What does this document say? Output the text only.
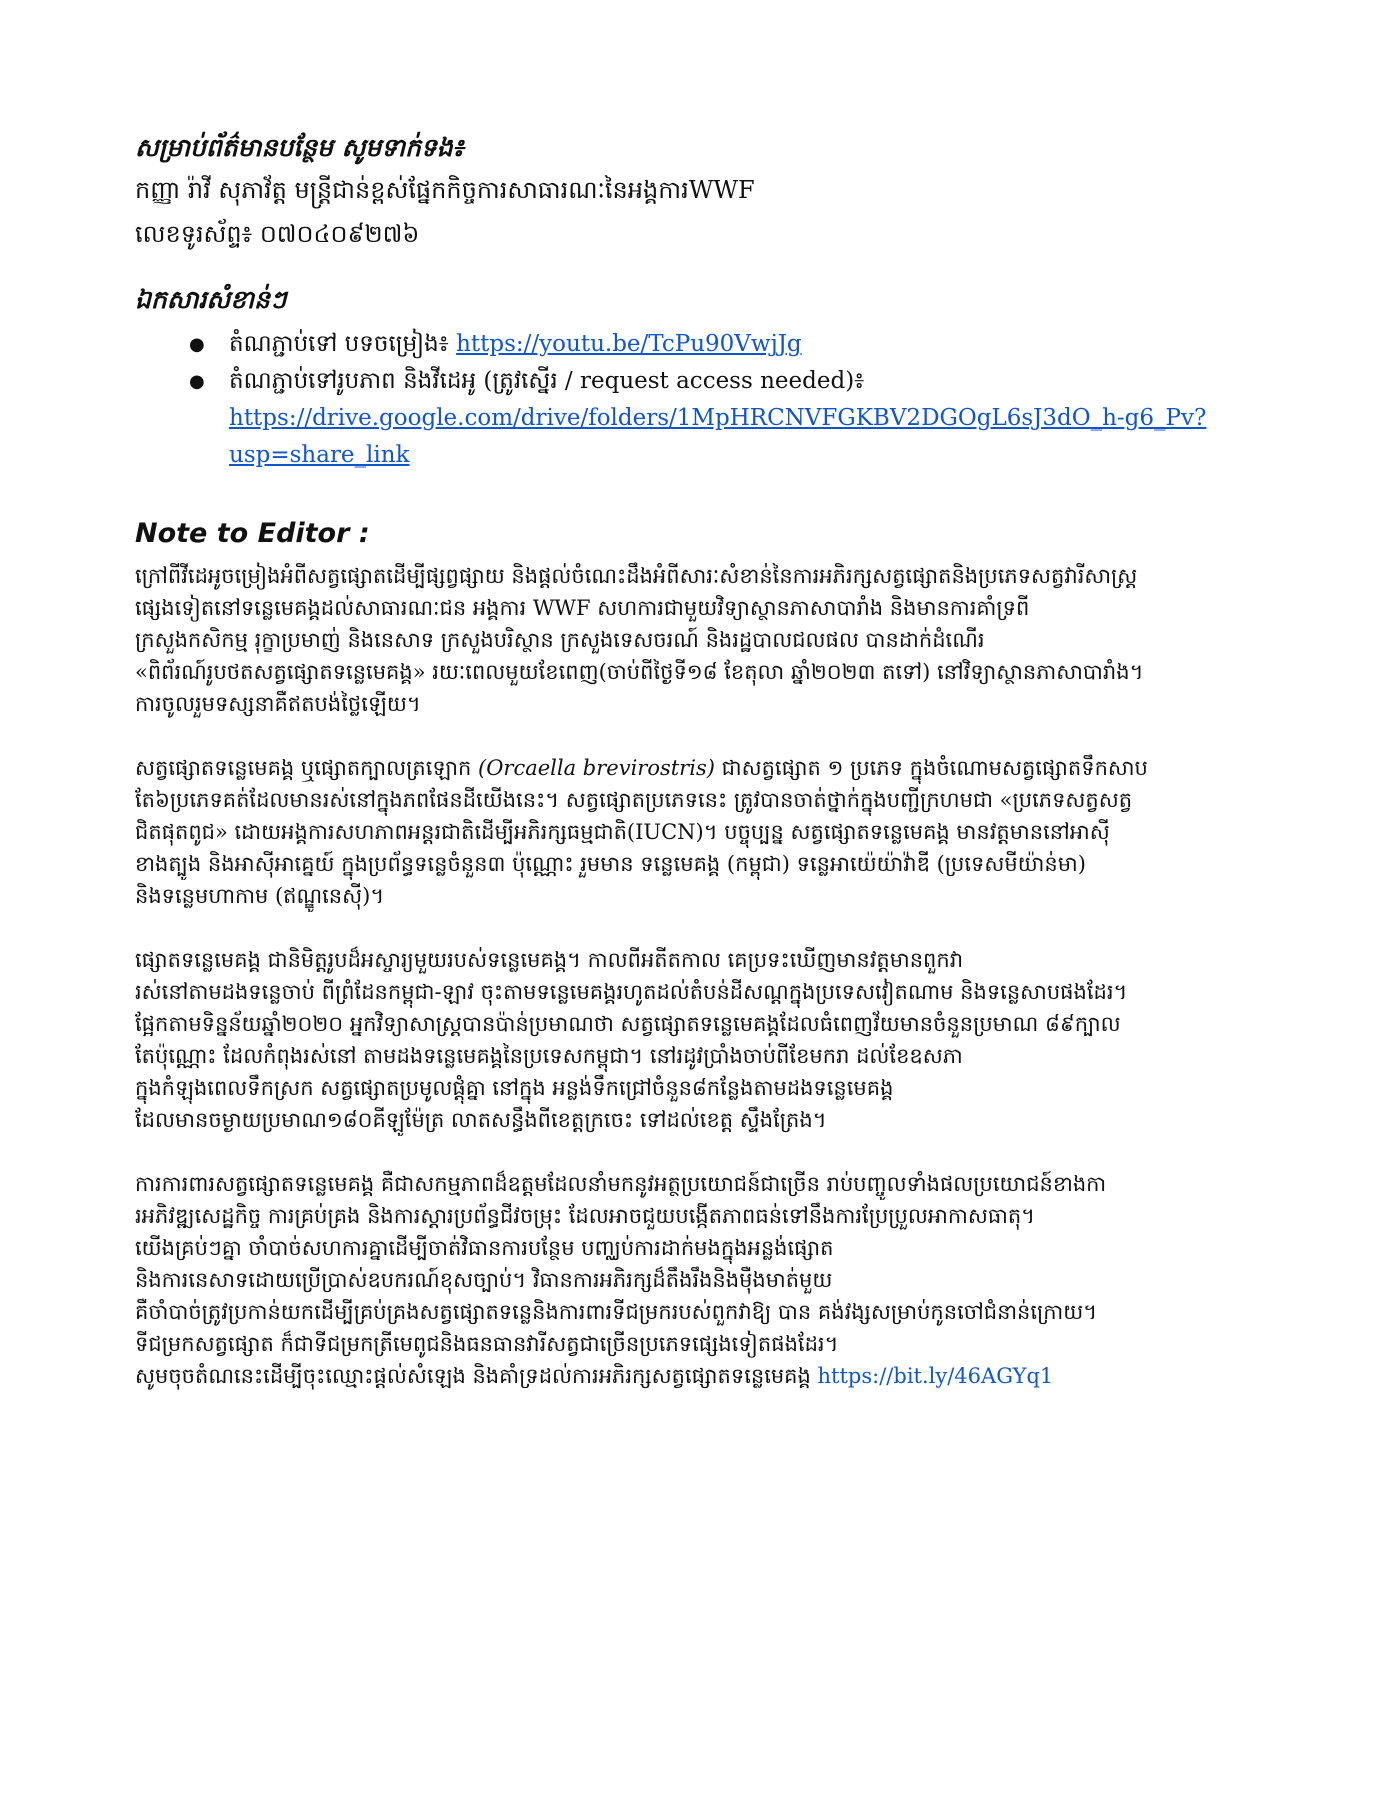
សម្រាប់ព័ត៌មានបន្ថែម សូមទាក់ទង៖

កញ្ញា រ៉ាវី សុភាវ័ត្ត មន្ត្រីជាន់ខ្ពស់ផ្នែកកិច្ចការសាធារណៈនៃអង្គការWWF

លេខទូរស័ព្ទ៖ ០៧០៤០៩២៧៦

ឯកសារសំខាន់ៗ

● តំណភ្ជាប់ទៅ បទចម្រៀង៖ https://youtu.be/TcPu90VwjJg
● តំណភ្ជាប់ទៅរូបភាព និងវីដេអូ (ត្រូវស្នើរ / request access needed)៖
https://drive.google.com/drive/folders/1MpHRCNVFGKBV2DGOgL6sJ3dO_h-g6_Pv?
usp=share_link

Note to Editor :

ក្រៅពីវីដេអូចម្រៀងអំពីសត្វផ្សោតដើម្បីផ្សព្វផ្សាយ និងផ្តល់ចំណេះដឹងអំពីសារៈសំខាន់នៃការអភិរក្សសត្វផ្សោតនិងប្រភេទសត្វវារីសាស្រ្ត
ផ្សេងទៀតនៅទន្លេមេគង្គដល់សាធារណៈជន អង្គការ WWF សហការជាមួយវិទ្យាស្ថានភាសាបារាំង និងមានការគាំទ្រពី
ក្រសួងកសិកម្ម រុក្ខាប្រមាញ់ និងនេសាទ ក្រសួងបរិស្ថាន ក្រសួងទេសចរណ៍ និងរដ្ឋបាលជលផល បានដាក់ដំណើរ
«ពិព័រណ៍រូបថតសត្វផ្សោតទន្លេមេគង្គ» រយៈពេលមួយខែពេញ(ចាប់ពីថ្ងៃទី១៨ ខែតុលា ឆ្នាំ២០២៣ តទៅ) នៅវិទ្យាស្ថានភាសាបារាំង។
ការចូលរួមទស្សនាគឺឥតបង់ថ្លៃឡើយ។
សត្វផ្សោតទន្លេមេគង្គ ឬផ្សោតក្បាលត្រឡោក (Orcaella brevirostris) ជាសត្វផ្សោត ១ ប្រភេទ ក្នុងចំណោមសត្វផ្សោតទឹកសាប
តែ៦ប្រភេទគត់ដែលមានរស់នៅក្នុងភពផែនដីយើងនេះ។ សត្វផ្សោតប្រភេទនេះ ត្រូវបានចាត់ថ្នាក់ក្នុងបញ្ជីក្រហមជា «ប្រភេទសត្វសត្វ
ជិតផុតពូជ» ដោយអង្គការសហភាពអន្តរជាតិដើម្បីអភិរក្សធម្មជាតិ(IUCN)។ បច្ចុប្បន្ន សត្វផ្សោតទន្លេមេគង្គ មានវត្តមាននៅអាស៊ី
ខាងត្បូង និងអាស៊ីអាគ្នេយ៍ ក្នុងប្រព័ន្ធទន្លេចំនួន៣ ប៉ុណ្ណោះ រួមមាន ទន្លេមេគង្គ (កម្ពុជា) ទន្លេអាយ៉េយ៉ាវ៉ាឌី (ប្រទេសមីយ៉ាន់មា)
និងទន្លេមហាកាម (ឥណ្ឌូនេស៊ី)។
ផ្សោតទន្លេមេគង្គ ជានិមិត្តរូបដ៏អស្ចារ្យមួយរបស់ទន្លេមេគង្គ។ កាលពីអតីតកាល គេប្រទះឃើញមានវត្តមានពួកវា
រស់នៅតាមដងទន្លេចាប់ ពីព្រំដែនកម្ពុជា-ឡាវ ចុះតាមទន្លេមេគង្គរហូតដល់តំបន់ដីសណ្តក្នុងប្រទេសវៀតណាម និងទន្លេសាបផងដែរ។
ផ្អែកតាមទិន្នន័យឆ្នាំ២០២០ អ្នកវិទ្យាសាស្រ្តបានប៉ាន់ប្រមាណថា សត្វផ្សោតទន្លេមេគង្គដែលធំពេញវ័យមានចំនួនប្រមាណ ៨៩ក្បាល
តែប៉ុណ្ណោះ ដែលកំពុងរស់នៅ តាមដងទន្លេមេគង្គនៃប្រទេសកម្ពុជា។ នៅរដូវប្រាំងចាប់ពីខែមករា ដល់ខែឧសភា
ក្នុងកំឡុងពេលទឹកស្រក សត្វផ្សោតប្រមូលផ្តុំគ្នា នៅក្នុង អន្លង់ទឹកជ្រៅចំនួន៨កន្លែងតាមដងទន្លេមេគង្គ
ដែលមានចម្ងាយប្រមាណ១៨០គីឡូម៉ែត្រ លាតសន្ធឹងពីខេត្តក្រចេះ ទៅដល់ខេត្ត ស្ទឹងត្រែង។
ការការពារសត្វផ្សោតទន្លេមេគង្គ គឺជាសកម្មភាពដ៏ឧត្តមដែលនាំមកនូវអត្ថប្រយោជន៍ជាច្រើន រាប់បញ្ចូលទាំងផលប្រយោជន៍ខាងកា
រអភិវឌ្ឍសេដ្ឋកិច្ច ការគ្រប់គ្រង និងការស្តារប្រព័ន្ធជីវចម្រុះ ដែលអាចជួយបង្កើតភាពធន់ទៅនឹងការប្រែប្រួលអាកាសធាតុ។
យើងគ្រប់ៗគ្នា ចាំបាច់សហការគ្នាដើម្បីចាត់វិធានការបន្ថែម បញ្ឈប់ការដាក់មងក្នុងអន្លង់ផ្សោត
និងការនេសាទដោយប្រើប្រាស់ឧបករណ៍ខុសច្បាប់។ វិធានការអភិរក្សដ៏តឹងរឹងនិងម៉ឺងមាត់មួយ
គឺចាំបាច់ត្រូវប្រកាន់យកដើម្បីគ្រប់គ្រងសត្វផ្សោតទន្លេនិងការពារទីជម្រករបស់ពួកវាឱ្យ បាន គង់វង្សសម្រាប់កូនចៅជំនាន់ក្រោយ។
ទីជម្រកសត្វផ្សោត ក៏ជាទីជម្រកត្រីមេពូជនិងធនធានវារីសត្វជាច្រើនប្រភេទផ្សេងទៀតផងដែរ។
សូមចុចតំណនេះដើម្បីចុះឈ្មោះផ្តល់សំឡេង និងគាំទ្រដល់ការអភិរក្សសត្វផ្សោតទន្លេមេគង្គ https://bit.ly/46AGYq1
